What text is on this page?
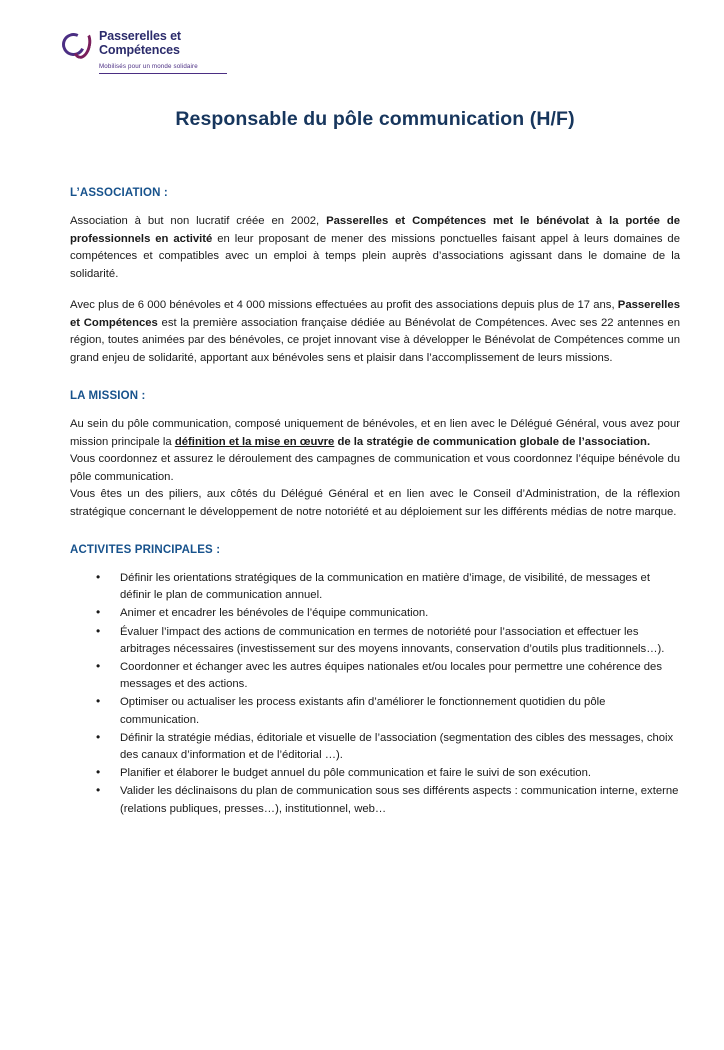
Passerelles et
Compétences
Mobilisés pour un monde solidaire
Responsable du pôle communication (H/F)
L’ASSOCIATION :

Association à but non lucratif créée en 2002, Passerelles et Compétences met le bénévolat à la portée de professionnels en activité en leur proposant de mener des missions ponctuelles faisant appel à leurs domaines de compétences et compatibles avec un emploi à temps plein auprès d’associations agissant dans le domaine de la solidarité.

Avec plus de 6 000 bénévoles et 4 000 missions effectuées au profit des associations depuis plus de 17 ans, Passerelles et Compétences est la première association française dédiée au Bénévolat de Compétences. Avec ses 22 antennes en région, toutes animées par des bénévoles, ce projet innovant vise à développer le Bénévolat de Compétences comme un grand enjeu de solidarité, apportant aux bénévoles sens et plaisir dans l’accomplissement de leurs missions.

LA MISSION :

Au sein du pôle communication, composé uniquement de bénévoles, et en lien avec le Délégué Général, vous avez pour mission principale la définition et la mise en œuvre de la stratégie de communication globale de l’association.

Vous coordonnez et assurez le déroulement des campagnes de communication et vous coordonnez l’équipe bénévole du pôle communication.

Vous êtes un des piliers, aux côtés du Délégué Général et en lien avec le Conseil d’Administration, de la réflexion stratégique concernant le développement de notre notoriété et au déploiement sur les différents médias de notre marque.

ACTIVITES PRINCIPALES :
• Définir les orientations stratégiques de la communication en matière d’image, de visibilité, de messages et définir le plan de communication annuel.
• Animer et encadrer les bénévoles de l’équipe communication.
• Évaluer l’impact des actions de communication en termes de notoriété pour l’association et effectuer les arbitrages nécessaires (investissement sur des moyens innovants, conservation d’outils plus traditionnels…).
• Coordonner et échanger avec les autres équipes nationales et/ou locales pour permettre une cohérence des messages et des actions.
• Optimiser ou actualiser les process existants afin d’améliorer le fonctionnement quotidien du pôle communication.
• Définir la stratégie médias, éditoriale et visuelle de l’association (segmentation des cibles des messages, choix des canaux d’information et de l’éditorial …).
• Planifier et élaborer le budget annuel du pôle communication et faire le suivi de son exécution.
• Valider les déclinaisons du plan de communication sous ses différents aspects : communication interne, externe (relations publiques, presses…), institutionnel, web…
